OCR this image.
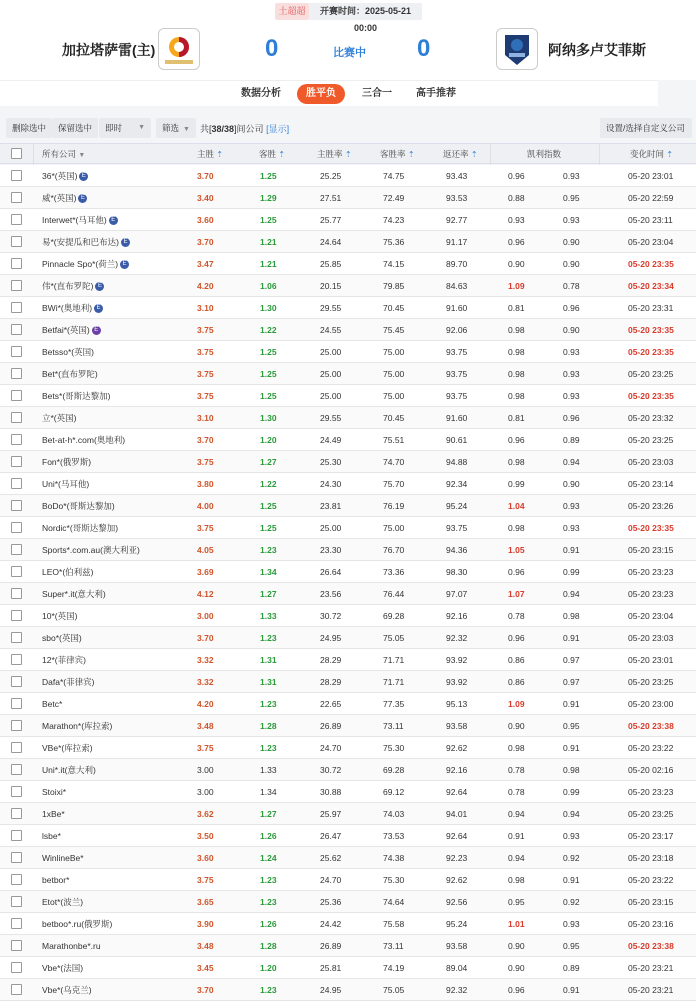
土超超	开赛时间：2025-05-21 00:00
加拉塔萨雷(主)	0	比赛中 0	阿纳多卢艾菲斯
数据分析	胜平负	三合一	高手推荐
删除选中	保留选中	即时 ▼	筛选 ▼	共[38/38]间公司 [显示]	设置/选择自定义公司
所有公司 ▼	主胜 ⇡	客胜 ⇡	主胜率 ⇡	客胜率 ⇡	返还率 ⇡	凯利指数	变化时间 ⇡
36*(英国) E	3.70	1.25	25.25	74.75	93.43	0.96	0.93	05-20 23:01
威*(英国) E	3.40	1.29	27.51	72.49	93.53	0.88	0.95	05-20 22:59
Interwet*(马耳他) E	3.60	1.25	25.77	74.23	92.77	0.93	0.93	05-20 23:11
易*(安提瓜和巴布达) E	3.70	1.21	24.64	75.36	91.17	0.96	0.90	05-20 23:04
Pinnacle Spo*(荷兰) E	3.47	1.21	25.85	74.15	89.70	0.90	0.90	05-20 23:35
伟*(直布罗陀) E	4.20	1.06	20.15	79.85	84.63	1.09	0.78	05-20 23:34
BWi*(奥地利) E	3.10	1.30	29.55	70.45	91.60	0.81	0.96	05-20 23:31
Betfai*(英国) E	3.75	1.22	24.55	75.45	92.06	0.98	0.90	05-20 23:35
Betsso*(英国)	3.75	1.25	25.00	75.00	93.75	0.98	0.93	05-20 23:35
Bet*(直布罗陀)	3.75	1.25	25.00	75.00	93.75	0.98	0.93	05-20 23:25
Bets*(哥斯达黎加)	3.75	1.25	25.00	75.00	93.75	0.98	0.93	05-20 23:35
立*(英国)	3.10	1.30	29.55	70.45	91.60	0.81	0.96	05-20 23:32
Bet-at-h*.com(奥地利)	3.70	1.20	24.49	75.51	90.61	0.96	0.89	05-20 23:25
Fon*(俄罗斯)	3.75	1.27	25.30	74.70	94.88	0.98	0.94	05-20 23:03
Uni*(马耳他)	3.80	1.22	24.30	75.70	92.34	0.99	0.90	05-20 23:14
BoDo*(哥斯达黎加)	4.00	1.25	23.81	76.19	95.24	1.04	0.93	05-20 23:26
Nordic*(哥斯达黎加)	3.75	1.25	25.00	75.00	93.75	0.98	0.93	05-20 23:35
Sports*.com.au(澳大利亚)	4.05	1.23	23.30	76.70	94.36	1.05	0.91	05-20 23:15
LEO*(伯利兹)	3.69	1.34	26.64	73.36	98.30	0.96	0.99	05-20 23:23
Super*.it(意大利)	4.12	1.27	23.56	76.44	97.07	1.07	0.94	05-20 23:23
10*(英国)	3.00	1.33	30.72	69.28	92.16	0.78	0.98	05-20 23:04
sbo*(英国)	3.70	1.23	24.95	75.05	92.32	0.96	0.91	05-20 23:03
12*(菲律宾)	3.32	1.31	28.29	71.71	93.92	0.86	0.97	05-20 23:01
Dafa*(菲律宾)	3.32	1.31	28.29	71.71	93.92	0.86	0.97	05-20 23:25
Betc*	4.20	1.23	22.65	77.35	95.13	1.09	0.91	05-20 23:00
Marathon*(库拉索)	3.48	1.28	26.89	73.11	93.58	0.90	0.95	05-20 23:38
VBe*(库拉索)	3.75	1.23	24.70	75.30	92.62	0.98	0.91	05-20 23:22
Uni*.it(意大利)	3.00	1.33	30.72	69.28	92.16	0.78	0.98	05-20 02:16
Stoixi*	3.00	1.34	30.88	69.12	92.64	0.78	0.99	05-20 23:23
1xBe*	3.62	1.27	25.97	74.03	94.01	0.94	0.94	05-20 23:25
lsbe*	3.50	1.26	26.47	73.53	92.64	0.91	0.93	05-20 23:17
WinlineBe*	3.60	1.24	25.62	74.38	92.23	0.94	0.92	05-20 23:18
betbor*	3.75	1.23	24.70	75.30	92.62	0.98	0.91	05-20 23:22
Etot*(波兰)	3.65	1.23	25.36	74.64	92.56	0.95	0.92	05-20 23:15
betboo*.ru(俄罗斯)	3.90	1.26	24.42	75.58	95.24	1.01	0.93	05-20 23:16
Marathonbe*.ru	3.48	1.28	26.89	73.11	93.58	0.90	0.95	05-20 23:38
Vbe*(法国)	3.45	1.20	25.81	74.19	89.04	0.90	0.89	05-20 23:21
Vbe*(乌克兰)	3.70	1.23	24.95	75.05	92.32	0.96	0.91	05-20 23:21
